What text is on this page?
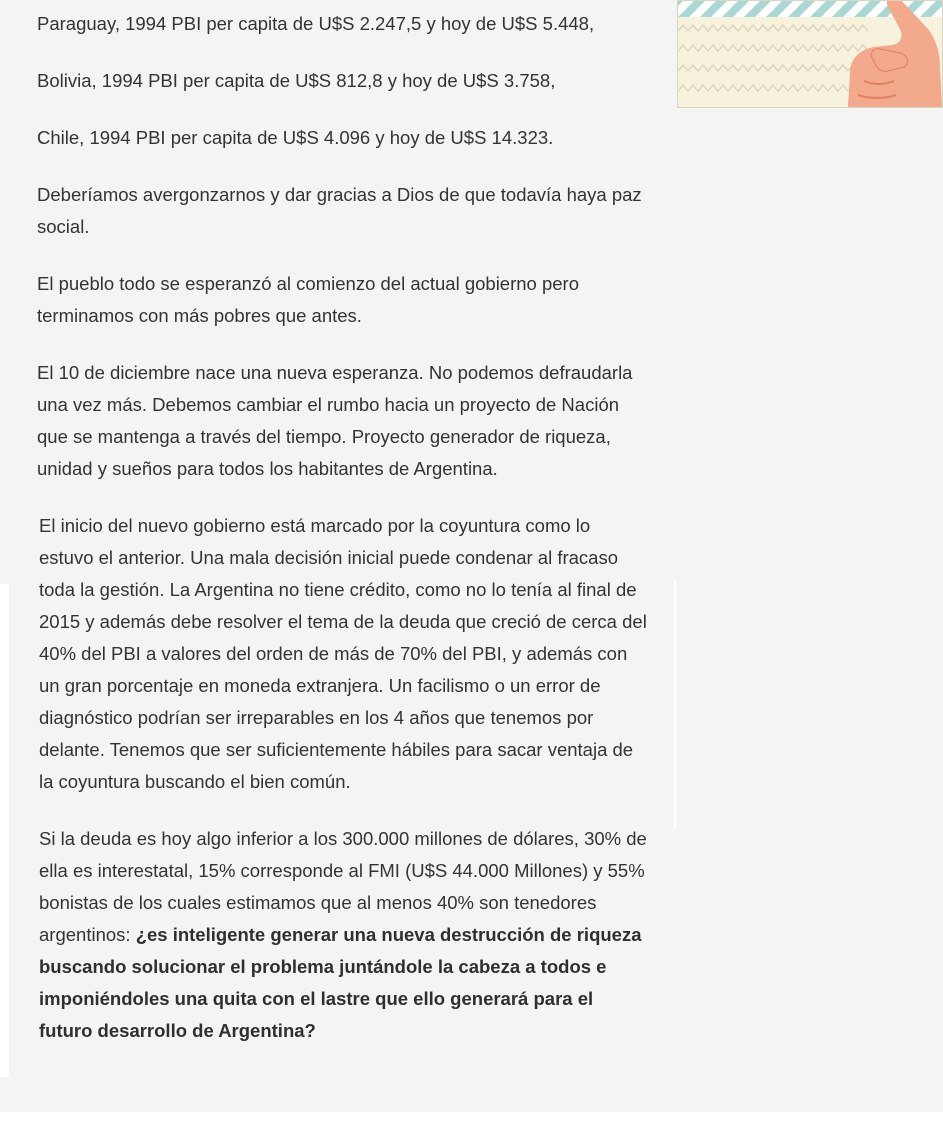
Paraguay, 1994 PBI per capita de U$S 2.247,5 y hoy de U$S 5.448,

Bolivia, 1994 PBI per capita de U$S 812,8 y hoy de U$S 3.758,

Chile, 1994 PBI per capita de U$S 4.096 y hoy de U$S 14.323.

Deberíamos avergonzarnos y dar gracias a Dios de que todavía haya paz social.

El pueblo todo se esperanzó al comienzo del actual gobierno pero terminamos con más pobres que antes.

El 10 de diciembre nace una nueva esperanza. No podemos defraudarla una vez más. Debemos cambiar el rumbo hacia un proyecto de Nación que se mantenga a través del tiempo. Proyecto generador de riqueza, unidad y sueños para todos los habitantes de Argentina.

El inicio del nuevo gobierno está marcado por la coyuntura como lo estuvo el anterior. Una mala decisión inicial puede condenar al fracaso toda la gestión. La Argentina no tiene crédito, como no lo tenía al final de 2015 y además debe resolver el tema de la deuda que creció de cerca del 40% del PBI a valores del orden de más de 70% del PBI, y además con un gran porcentaje en moneda extranjera. Un facilismo o un error de diagnóstico podrían ser irreparables en los 4 años que tenemos por delante. Tenemos que ser suficientemente hábiles para sacar ventaja de la coyuntura buscando el bien común.

Si la deuda es hoy algo inferior a los 300.000 millones de dólares, 30% de ella es interestatal, 15% corresponde al FMI (U$S 44.000 Millones) y 55% bonistas de los cuales estimamos que al menos 40% son tenedores argentinos: ¿es inteligente generar una nueva destrucción de riqueza buscando solucionar el problema juntándole la cabeza a todos e imponiéndoles una quita con el lastre que ello generará para el futuro desarrollo de Argentina?
